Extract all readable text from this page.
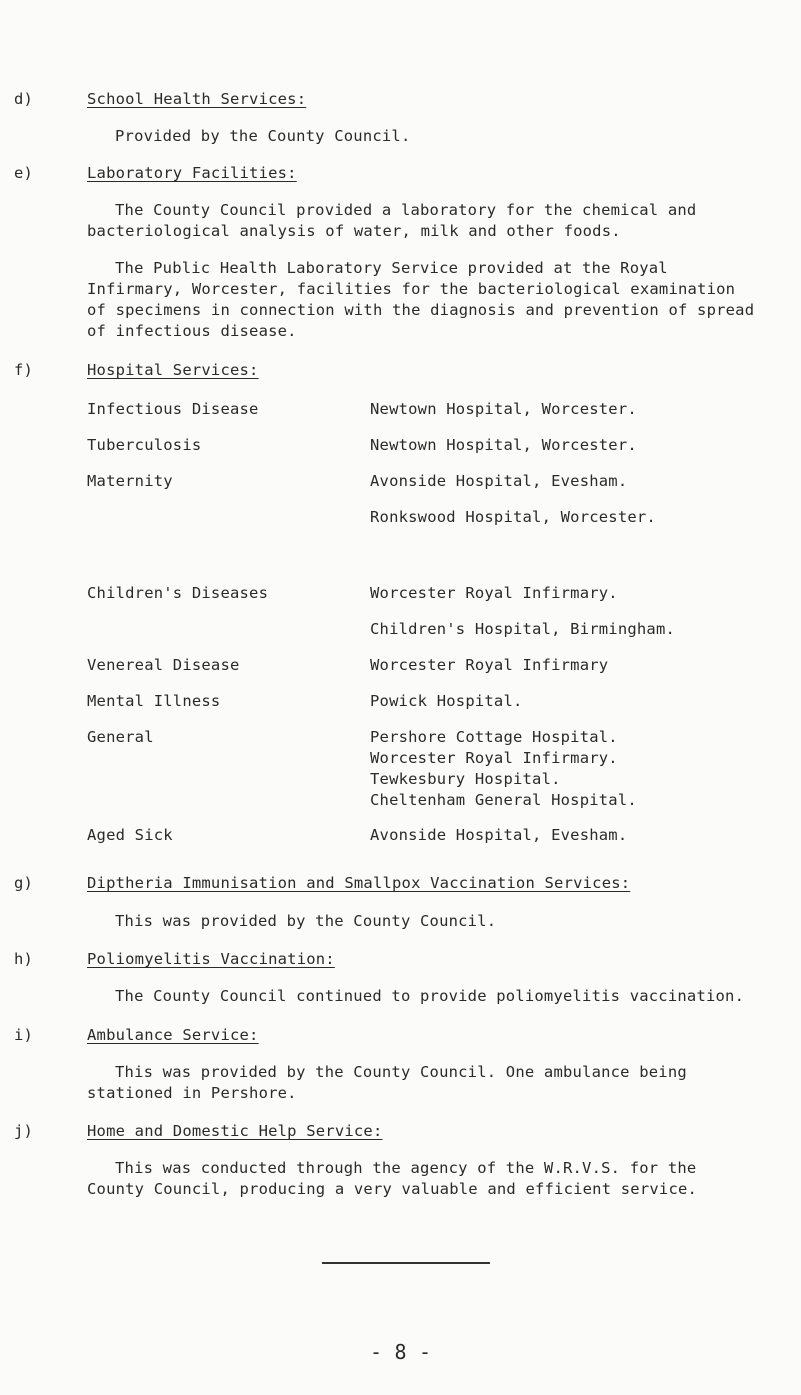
d)	School Health Services:
Provided by the County Council.
e)	Laboratory Facilities:
The County Council provided a laboratory for the chemical and
bacteriological analysis of water, milk and other foods.
The Public Health Laboratory Service provided at the Royal
Infirmary, Worcester, facilities for the bacteriological examination
of specimens in connection with the diagnosis and prevention of spread
of infectious disease.
f)	Hospital Services:
Infectious Disease	Newtown Hospital, Worcester.
Tuberculosis	Newtown Hospital, Worcester.
Maternity	Avonside Hospital, Evesham.
Ronkswood Hospital, Worcester.
Children's Diseases	Worcester Royal Infirmary.
Children's Hospital, Birmingham.
Venereal Disease	Worcester Royal Infirmary
Mental Illness	Powick Hospital.
General	Pershore Cottage Hospital.
Worcester Royal Infirmary.
Tewkesbury Hospital.
Cheltenham General Hospital.
Aged Sick	Avonside Hospital, Evesham.
g)	Diptheria Immunisation and Smallpox Vaccination Services:
This was provided by the County Council.
h)	Poliomyelitis Vaccination:
The County Council continued to provide poliomyelitis vaccination.
i)	Ambulance Service:
This was provided by the County Council. One ambulance being
stationed in Pershore.
j)	Home and Domestic Help Service:
This was conducted through the agency of the W.R.V.S. for the
County Council, producing a very valuable and efficient service.
- 8 -
